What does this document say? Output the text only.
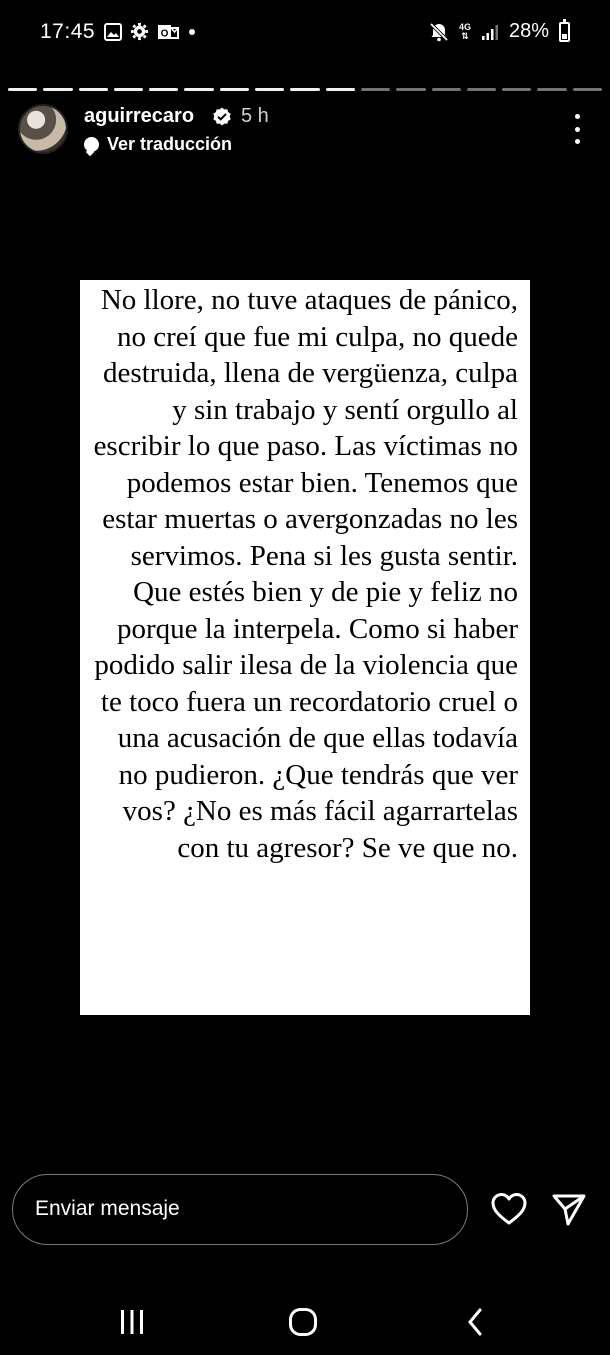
17:45	O
4G
⇅ 28%
aguirrecaro 5 h
Ver traducción
No llore, no tuve ataques de pánico, no creí que fue mi culpa, no quede destruida, llena de vergüenza, culpa y sin trabajo y sentí orgullo al escribir lo que paso. Las víctimas no podemos estar bien. Tenemos que estar muertas o avergonzadas no les servimos. Pena si les gusta sentir. Que estés bien y de pie y feliz no porque la interpela. Como si haber podido salir ilesa de la violencia que te toco fuera un recordatorio cruel o una acusación de que ellas todavía no pudieron. ¿Que tendrás que ver vos? ¿No es más fácil agarrartelas con tu agresor? Se ve que no.
Enviar mensaje
